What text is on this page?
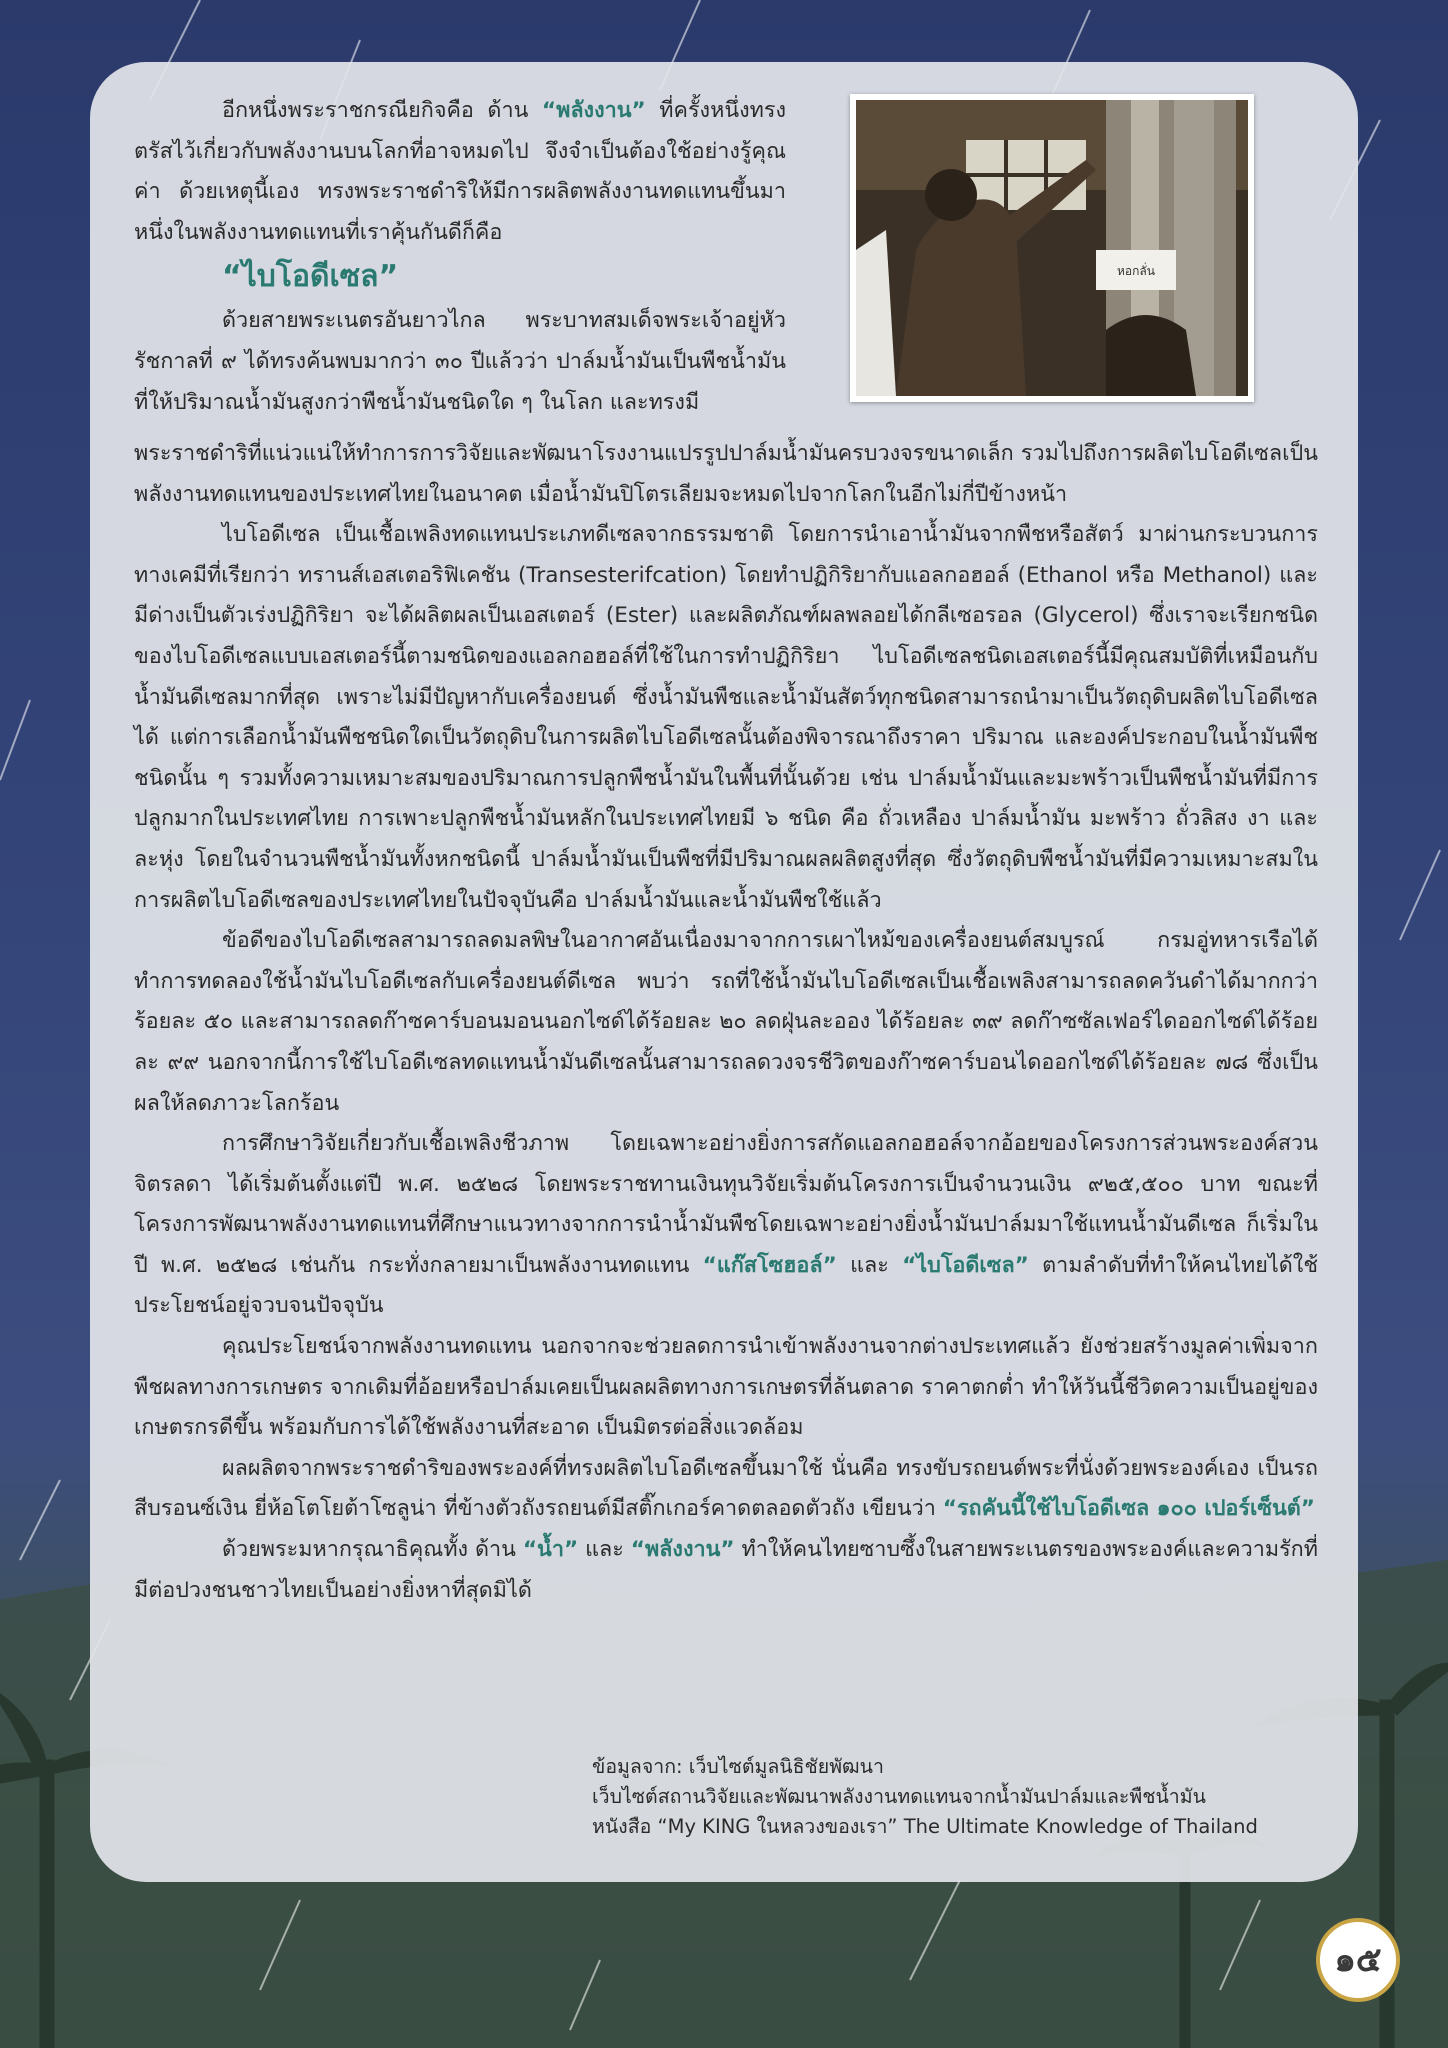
หอกลั่น

อีกหนึ่งพระราชกรณียกิจคือ ด้าน “พลังงาน” ที่ครั้งหนึ่งทรงตรัสไว้เกี่ยวกับพลังงานบนโลกที่อาจหมดไป จึงจำเป็นต้องใช้อย่างรู้คุณค่า ด้วยเหตุนี้เอง ทรงพระราชดำริให้มีการผลิตพลังงานทดแทนขึ้นมา หนึ่งในพลังงานทดแทนที่เราคุ้นกันดีก็คือ

“ไบโอดีเซล”

ด้วยสายพระเนตรอันยาวไกล พระบาทสมเด็จพระเจ้าอยู่หัวรัชกาลที่ ๙ ได้ทรงค้นพบมากว่า ๓๐ ปีแล้วว่า ปาล์มน้ำมันเป็นพืชน้ำมันที่ให้ปริมาณน้ำมันสูงกว่าพืชน้ำมันชนิดใด ๆ ในโลก และทรงมี

พระราชดำริที่แน่วแน่ให้ทำการการวิจัยและพัฒนาโรงงานแปรรูปปาล์มน้ำมันครบวงจรขนาดเล็ก รวมไปถึงการผลิตไบโอดีเซลเป็นพลังงานทดแทนของประเทศไทยในอนาคต เมื่อน้ำมันปิโตรเลียมจะหมดไปจากโลกในอีกไม่กี่ปีข้างหน้า

ไบโอดีเซล เป็นเชื้อเพลิงทดแทนประเภทดีเซลจากธรรมชาติ โดยการนำเอาน้ำมันจากพืชหรือสัตว์ มาผ่านกระบวนการทางเคมีที่เรียกว่า ทรานส์เอสเตอริฟิเคชัน (Transesterifcation) โดยทำปฏิกิริยากับแอลกอฮอล์ (Ethanol หรือ Methanol) และมีด่างเป็นตัวเร่งปฏิกิริยา จะได้ผลิตผลเป็นเอสเตอร์ (Ester) และผลิตภัณฑ์ผลพลอยได้กลีเซอรอล (Glycerol) ซึ่งเราจะเรียกชนิดของไบโอดีเซลแบบเอสเตอร์นี้ตามชนิดของแอลกอฮอล์ที่ใช้ในการทำปฏิกิริยา ไบโอดีเซลชนิดเอสเตอร์นี้มีคุณสมบัติที่เหมือนกับน้ำมันดีเซลมากที่สุด เพราะไม่มีปัญหากับเครื่องยนต์ ซึ่งน้ำมันพืชและน้ำมันสัตว์ทุกชนิดสามารถนำมาเป็นวัตถุดิบผลิตไบโอดีเซลได้ แต่การเลือกน้ำมันพืชชนิดใดเป็นวัตถุดิบในการผลิตไบโอดีเซลนั้นต้องพิจารณาถึงราคา ปริมาณ และองค์ประกอบในน้ำมันพืชชนิดนั้น ๆ รวมทั้งความเหมาะสมของปริมาณการปลูกพืชน้ำมันในพื้นที่นั้นด้วย เช่น ปาล์มน้ำมันและมะพร้าวเป็นพืชน้ำมันที่มีการปลูกมากในประเทศไทย การเพาะปลูกพืชน้ำมันหลักในประเทศไทยมี ๖ ชนิด คือ ถั่วเหลือง ปาล์มน้ำมัน มะพร้าว ถั่วลิสง งา และละหุ่ง โดยในจำนวนพืชน้ำมันทั้งหกชนิดนี้ ปาล์มน้ำมันเป็นพืชที่มีปริมาณผลผลิตสูงที่สุด ซึ่งวัตถุดิบพืชน้ำมันที่มีความเหมาะสมในการผลิตไบโอดีเซลของประเทศไทยในปัจจุบันคือ ปาล์มน้ำมันและน้ำมันพืชใช้แล้ว

ข้อดีของไบโอดีเซลสามารถลดมลพิษในอากาศอันเนื่องมาจากการเผาไหม้ของเครื่องยนต์สมบูรณ์ กรมอู่ทหารเรือได้ทำการทดลองใช้น้ำมันไบโอดีเซลกับเครื่องยนต์ดีเซล พบว่า รถที่ใช้น้ำมันไบโอดีเซลเป็นเชื้อเพลิงสามารถลดควันดำได้มากกว่าร้อยละ ๕๐ และสามารถลดก๊าซคาร์บอนมอนนอกไซด์ได้ร้อยละ ๒๐ ลดฝุ่นละออง ได้ร้อยละ ๓๙ ลดก๊าซซัลเฟอร์ไดออกไซด์ได้ร้อยละ ๙๙ นอกจากนี้การใช้ไบโอดีเซลทดแทนน้ำมันดีเซลนั้นสามารถลดวงจรชีวิตของก๊าซคาร์บอนไดออกไซด์ได้ร้อยละ ๗๘ ซึ่งเป็นผลให้ลดภาวะโลกร้อน

การศึกษาวิจัยเกี่ยวกับเชื้อเพลิงชีวภาพ โดยเฉพาะอย่างยิ่งการสกัดแอลกอฮอล์จากอ้อยของโครงการส่วนพระองค์สวนจิตรลดา ได้เริ่มต้นตั้งแต่ปี พ.ศ. ๒๕๒๘ โดยพระราชทานเงินทุนวิจัยเริ่มต้นโครงการเป็นจำนวนเงิน ๙๒๕,๕๐๐ บาท ขณะที่โครงการพัฒนาพลังงานทดแทนที่ศึกษาแนวทางจากการนำน้ำมันพืชโดยเฉพาะอย่างยิ่งน้ำมันปาล์มมาใช้แทนน้ำมันดีเซล ก็เริ่มในปี พ.ศ. ๒๕๒๘ เช่นกัน กระทั่งกลายมาเป็นพลังงานทดแทน “แก๊สโซฮอล์” และ “ไบโอดีเซล” ตามลำดับที่ทำให้คนไทยได้ใช้ประโยชน์อยู่จวบจนปัจจุบัน

คุณประโยชน์จากพลังงานทดแทน นอกจากจะช่วยลดการนำเข้าพลังงานจากต่างประเทศแล้ว ยังช่วยสร้างมูลค่าเพิ่มจากพืชผลทางการเกษตร จากเดิมที่อ้อยหรือปาล์มเคยเป็นผลผลิตทางการเกษตรที่ล้นตลาด ราคาตกต่ำ ทำให้วันนี้ชีวิตความเป็นอยู่ของเกษตรกรดีขึ้น พร้อมกับการได้ใช้พลังงานที่สะอาด เป็นมิตรต่อสิ่งแวดล้อม

ผลผลิตจากพระราชดำริของพระองค์ที่ทรงผลิตไบโอดีเซลขึ้นมาใช้ นั่นคือ ทรงขับรถยนต์พระที่นั่งด้วยพระองค์เอง เป็นรถสีบรอนซ์เงิน ยี่ห้อโตโยต้าโซลูน่า ที่ข้างตัวถังรถยนต์มีสติ๊กเกอร์คาดตลอดตัวถัง เขียนว่า “รถคันนี้ใช้ไบโอดีเซล ๑๐๐ เปอร์เซ็นต์”

ด้วยพระมหากรุณาธิคุณทั้ง ด้าน “น้ำ” และ “พลังงาน” ทำให้คนไทยซาบซึ้งในสายพระเนตรของพระองค์และความรักที่มีต่อปวงชนชาวไทยเป็นอย่างยิ่งหาที่สุดมิได้

ข้อมูลจาก: เว็บไซต์มูลนิธิชัยพัฒนา
เว็บไซต์สถานวิจัยและพัฒนาพลังงานทดแทนจากน้ำมันปาล์มและพืชน้ำมัน
หนังสือ “My KING ในหลวงของเรา” The Ultimate Knowledge of Thailand
๑๕
